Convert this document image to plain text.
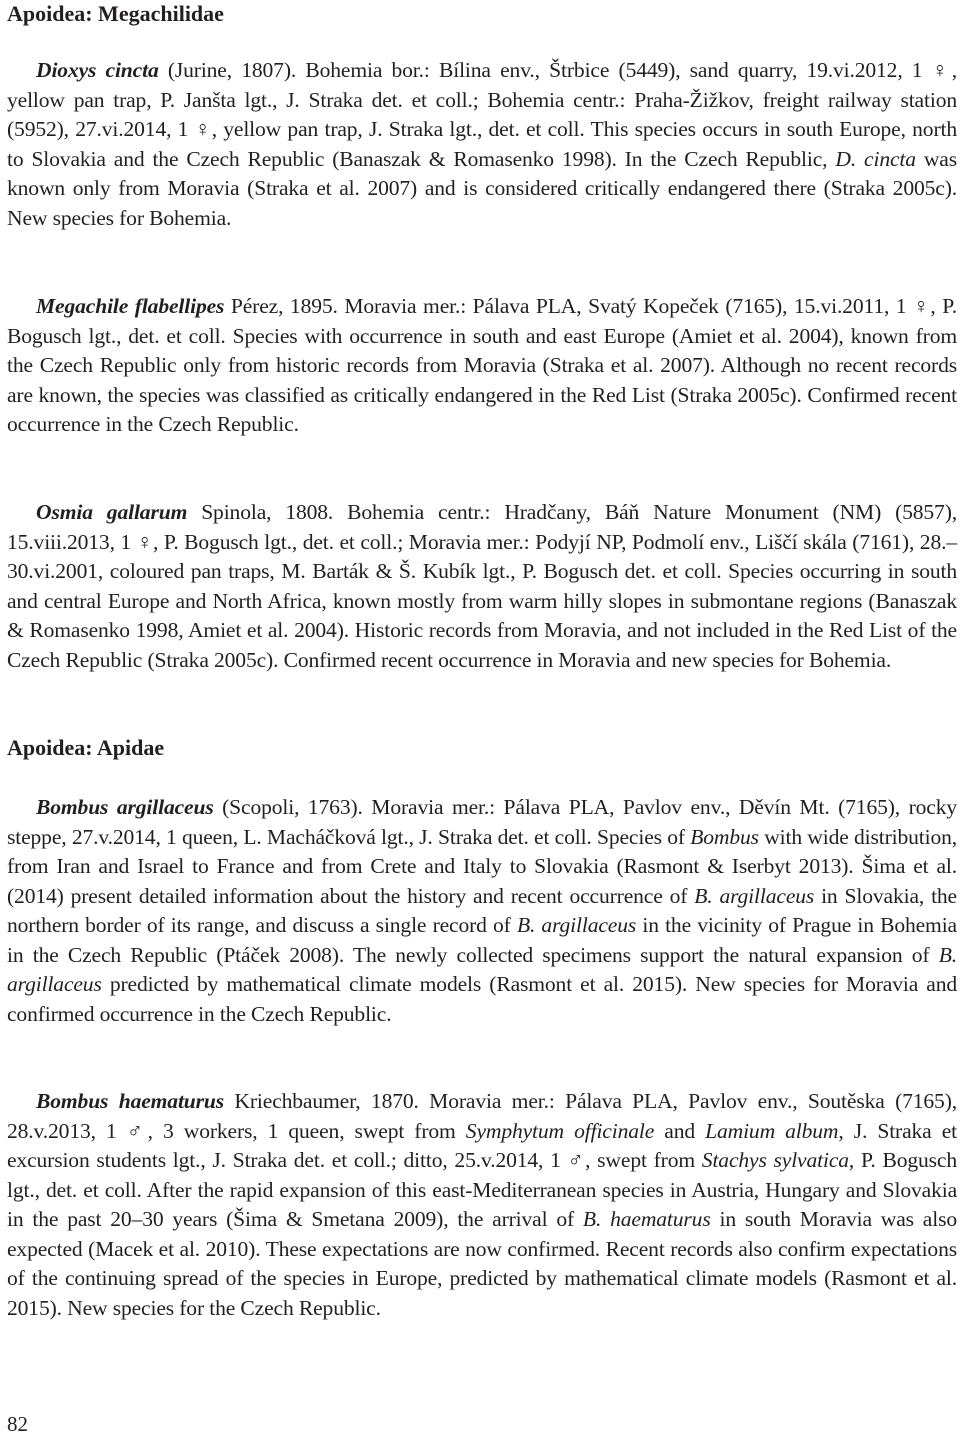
Apoidea: Megachilidae

Dioxys cincta (Jurine, 1807). Bohemia bor.: Bílina env., Štrbice (5449), sand quarry, 19.vi.2012, 1 ♀, yellow pan trap, P. Janšta lgt., J. Straka det. et coll.; Bohemia centr.: Praha-Žižkov, freight railway station (5952), 27.vi.2014, 1 ♀, yellow pan trap, J. Straka lgt., det. et coll. This species occurs in south Europe, north to Slovakia and the Czech Republic (Banaszak & Romasenko 1998). In the Czech Republic, D. cincta was known only from Moravia (Straka et al. 2007) and is considered critically endangered there (Straka 2005c). New species for Bohemia.

Megachile flabellipes Pérez, 1895. Moravia mer.: Pálava PLA, Svatý Kopeček (7165), 15.vi.2011, 1 ♀, P. Bogusch lgt., det. et coll. Species with occurrence in south and east Europe (Amiet et al. 2004), known from the Czech Republic only from historic records from Moravia (Straka et al. 2007). Although no recent records are known, the species was classified as critically endangered in the Red List (Straka 2005c). Confirmed recent occurrence in the Czech Republic.

Osmia gallarum Spinola, 1808. Bohemia centr.: Hradčany, Báň Nature Monument (NM) (5857), 15.viii.2013, 1 ♀, P. Bogusch lgt., det. et coll.; Moravia mer.: Podyjí NP, Podmolí env., Liščí skála (7161), 28.–30.vi.2001, coloured pan traps, M. Barták & Š. Kubík lgt., P. Bogusch det. et coll. Species occurring in south and central Europe and North Africa, known mostly from warm hilly slopes in submontane regions (Banaszak & Romasenko 1998, Amiet et al. 2004). Historic records from Moravia, and not included in the Red List of the Czech Republic (Straka 2005c). Confirmed recent occurrence in Moravia and new species for Bohemia.

Apoidea: Apidae

Bombus argillaceus (Scopoli, 1763). Moravia mer.: Pálava PLA, Pavlov env., Děvín Mt. (7165), rocky steppe, 27.v.2014, 1 queen, L. Macháčková lgt., J. Straka det. et coll. Species of Bombus with wide distribution, from Iran and Israel to France and from Crete and Italy to Slovakia (Rasmont & Iserbyt 2013). Šima et al. (2014) present detailed information about the history and recent occurrence of B. argillaceus in Slovakia, the northern border of its range, and discuss a single record of B. argillaceus in the vicinity of Prague in Bohemia in the Czech Republic (Ptáček 2008). The newly collected specimens support the natural expansion of B. argillaceus predicted by mathematical climate models (Rasmont et al. 2015). New species for Moravia and confirmed occurrence in the Czech Republic.

Bombus haematurus Kriechbaumer, 1870. Moravia mer.: Pálava PLA, Pavlov env., Soutěska (7165), 28.v.2013, 1 ♂, 3 workers, 1 queen, swept from Symphytum officinale and Lamium album, J. Straka et excursion students lgt., J. Straka det. et coll.; ditto, 25.v.2014, 1 ♂, swept from Stachys sylvatica, P. Bogusch lgt., det. et coll. After the rapid expansion of this east-Mediterranean species in Austria, Hungary and Slovakia in the past 20–30 years (Šima & Smetana 2009), the arrival of B. haematurus in south Moravia was also expected (Macek et al. 2010). These expectations are now confirmed. Recent records also confirm expectations of the continuing spread of the species in Europe, predicted by mathematical climate models (Rasmont et al. 2015). New species for the Czech Republic.

82
